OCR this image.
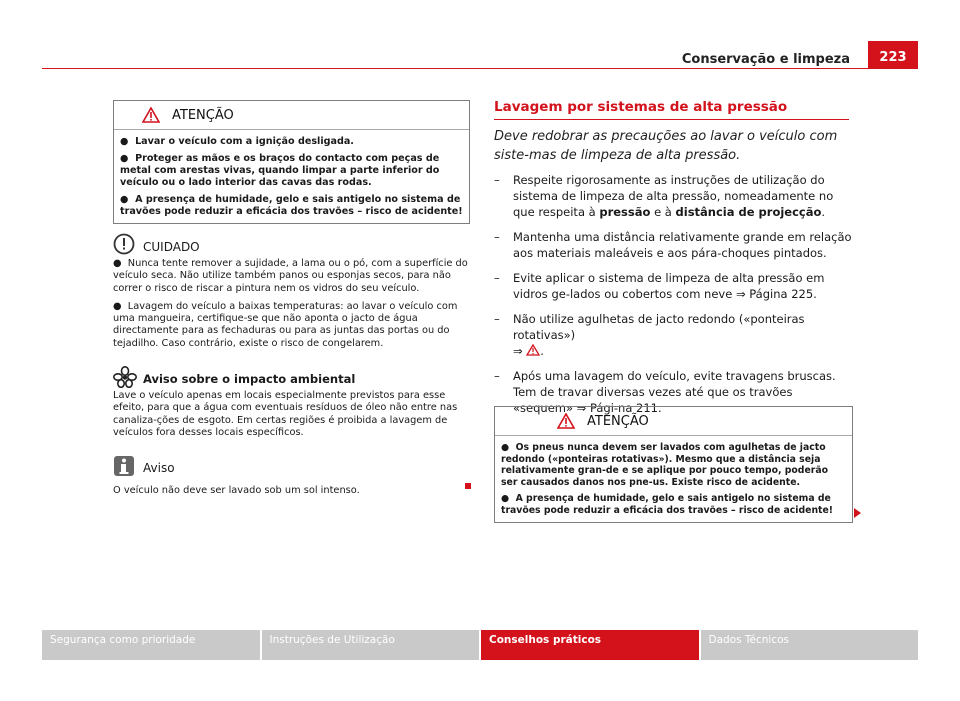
Conservação e limpeza	223
ATENÇÃO

● Lavar o veículo com a ignição desligada.

● Proteger as mãos e os braços do contacto com peças de metal com arestas vivas, quando limpar a parte inferior do veículo ou o lado interior das cavas das rodas.

● A presença de humidade, gelo e sais antigelo no sistema de travões pode reduzir a eficácia dos travões – risco de acidente!

CUIDADO

● Nunca tente remover a sujidade, a lama ou o pó, com a superfície do veículo seca. Não utilize também panos ou esponjas secos, para não correr o risco de riscar a pintura nem os vidros do seu veículo.

● Lavagem do veículo a baixas temperaturas: ao lavar o veículo com uma mangueira, certifique-se que não aponta o jacto de água directamente para as fechaduras ou para as juntas das portas ou do tejadilho. Caso contrário, existe o risco de congelarem.

Aviso sobre o impacto ambiental

Lave o veículo apenas em locais especialmente previstos para esse efeito, para que a água com eventuais resíduos de óleo não entre nas canaliza-ções de esgoto. Em certas regiões é proibida a lavagem de veículos fora desses locais específicos.

Aviso

O veículo não deve ser lavado sob um sol intenso.

Lavagem por sistemas de alta pressão
Deve redobrar as precauções ao lavar o veículo com siste-mas de limpeza de alta pressão.
– Respeite rigorosamente as instruções de utilização do sistema de limpeza de alta pressão, nomeadamente no que respeita à pressão e à distância de projecção.
– Mantenha uma distância relativamente grande em relação aos materiais maleáveis e aos pára-choques pintados.
– Evite aplicar o sistema de limpeza de alta pressão em vidros ge-lados ou cobertos com neve ⇒ Página 225.
– Não utilize agulhetas de jacto redondo («ponteiras rotativas»)
⇒ .
– Após uma lavagem do veículo, evite travagens bruscas. Tem de travar diversas vezes até que os travões «sequem» ⇒ Pági-na 211.
ATENÇÃO

● Os pneus nunca devem ser lavados com agulhetas de jacto redondo («ponteiras rotativas»). Mesmo que a distância seja relativamente gran-de e se aplique por pouco tempo, poderão ser causados danos nos pne-us. Existe risco de acidente.

● A presença de humidade, gelo e sais antigelo no sistema de travões pode reduzir a eficácia dos travões – risco de acidente!

Segurança como prioridade	Instruções de Utilização	Conselhos práticos	Dados Técnicos
